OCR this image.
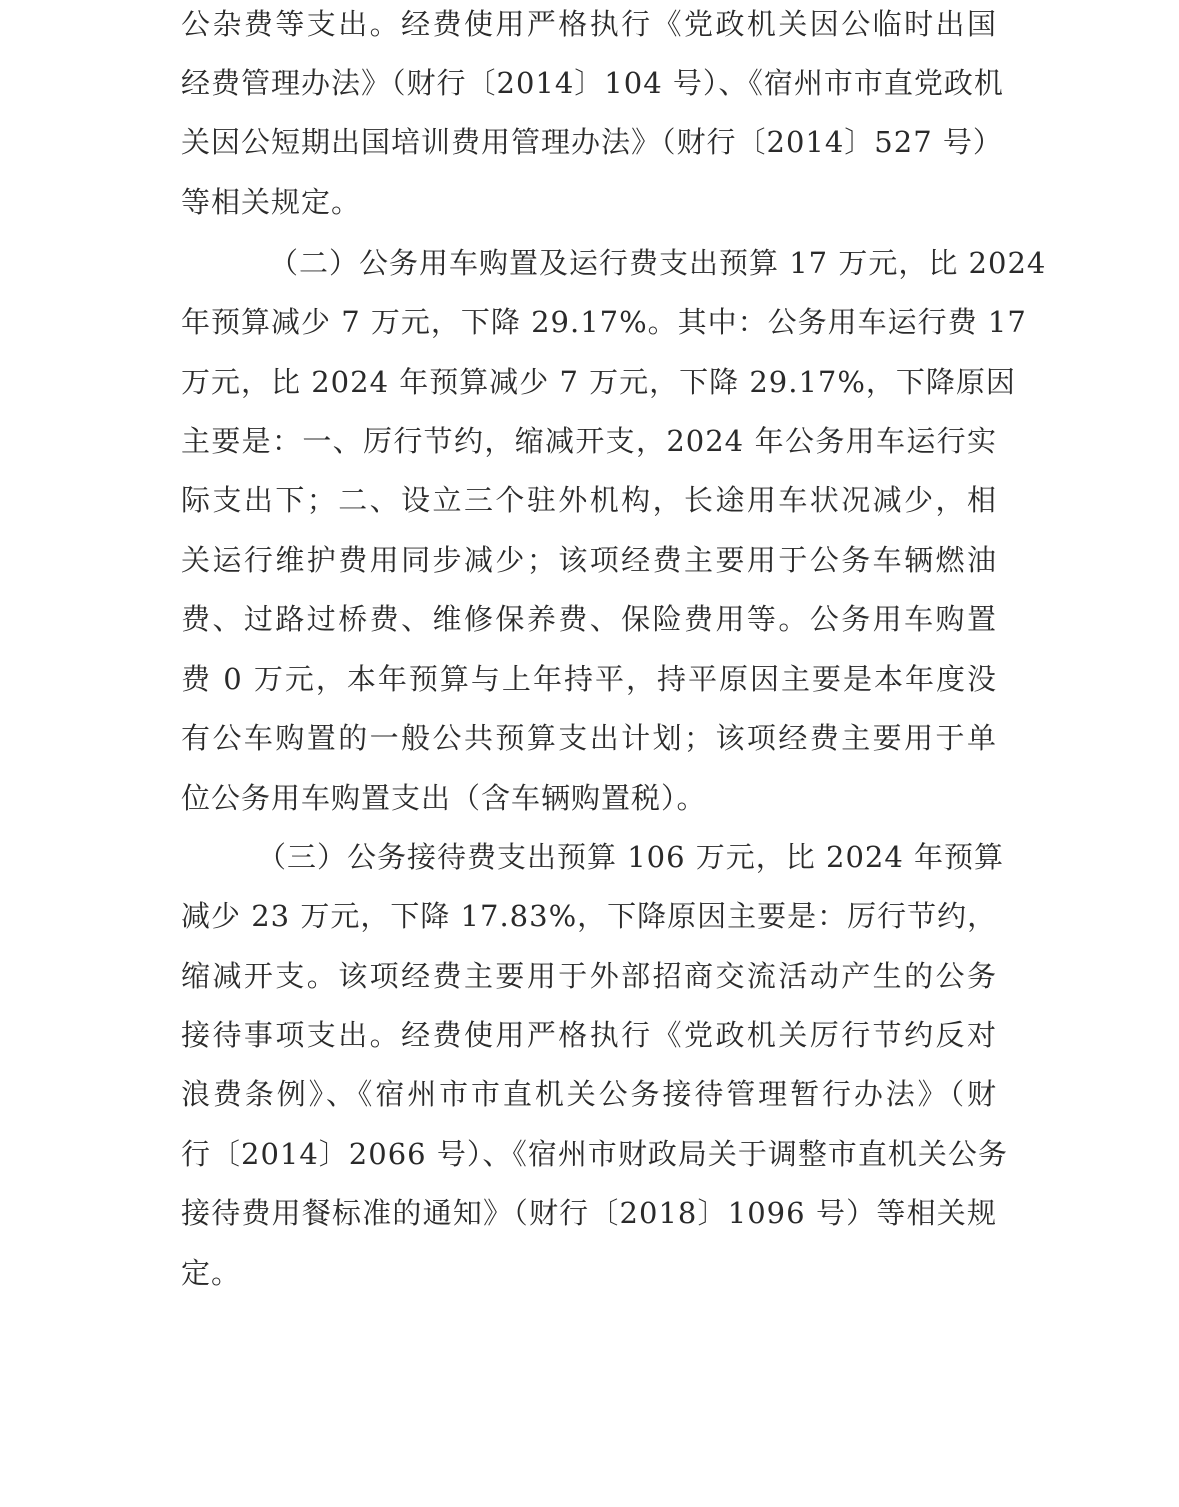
公杂费等支出。经费使用严格执行《党政机关因公临时出国
经费管理办法》（财行〔2014〕104 号）、《宿州市市直党政机
关因公短期出国培训费用管理办法》（财行〔2014〕527 号）
等相关规定。
（二）公务用车购置及运行费支出预算 17 万元，比 2024
年预算减少 7 万元，下降 29.17%。其中：公务用车运行费 17
万元，比 2024 年预算减少 7 万元，下降 29.17%，下降原因
主要是：一、厉行节约，缩减开支，2024 年公务用车运行实
际支出下；二、设立三个驻外机构，长途用车状况减少，相
关运行维护费用同步减少；该项经费主要用于公务车辆燃油
费、过路过桥费、维修保养费、保险费用等。公务用车购置
费 0 万元，本年预算与上年持平，持平原因主要是本年度没
有公车购置的一般公共预算支出计划；该项经费主要用于单
位公务用车购置支出（含车辆购置税）。
（三）公务接待费支出预算 106 万元，比 2024 年预算
减少 23 万元，下降 17.83%，下降原因主要是：厉行节约，
缩减开支。该项经费主要用于外部招商交流活动产生的公务
接待事项支出。经费使用严格执行《党政机关厉行节约反对
浪费条例》、《宿州市市直机关公务接待管理暂行办法》（财
行〔2014〕2066 号）、《宿州市财政局关于调整市直机关公务
接待费用餐标准的通知》（财行〔2018〕1096 号）等相关规
定。
